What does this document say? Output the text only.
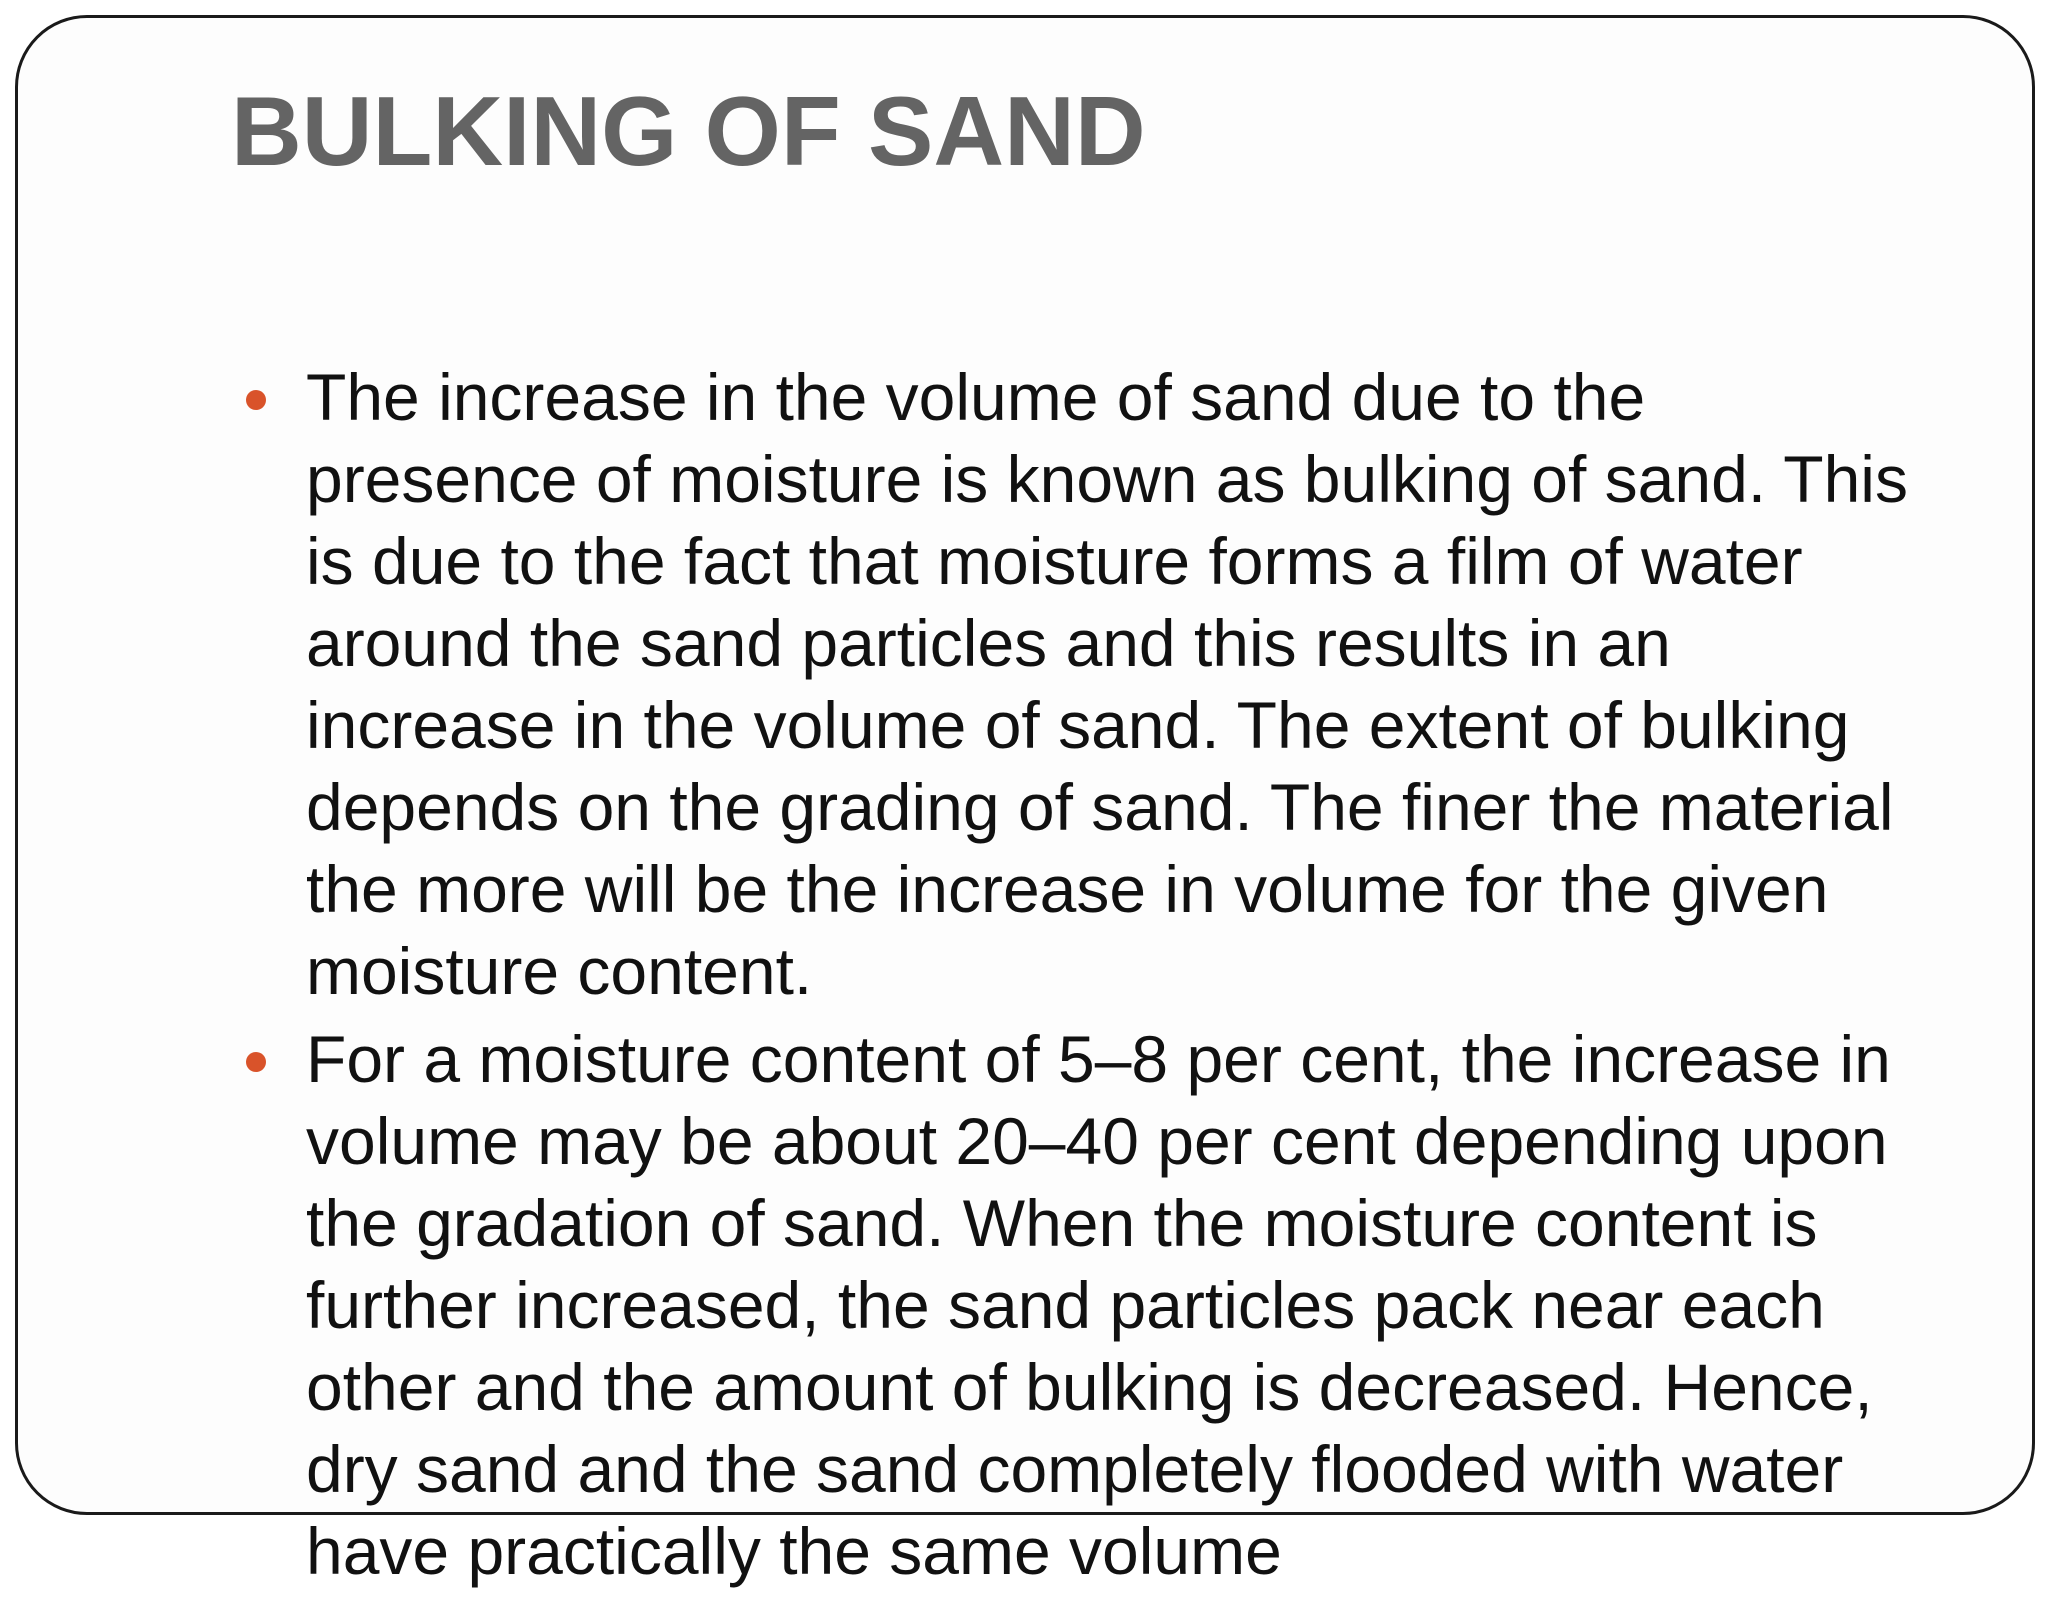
BULKING OF SAND
The increase in the volume of sand due to the presence of moisture is known as bulking of sand. This is due to the fact that moisture forms a film of water around the sand particles and this results in an increase in the volume of sand. The extent of bulking depends on the grading of sand. The finer the material the more will be the increase in volume for the given moisture content.
For a moisture content of 5–8 per cent, the increase in volume may be about 20–40 per cent depending upon the gradation of sand. When the moisture content is further increased, the sand particles pack near each other and the amount of bulking is decreased. Hence, dry sand and the sand completely flooded with water have practically the same volume
